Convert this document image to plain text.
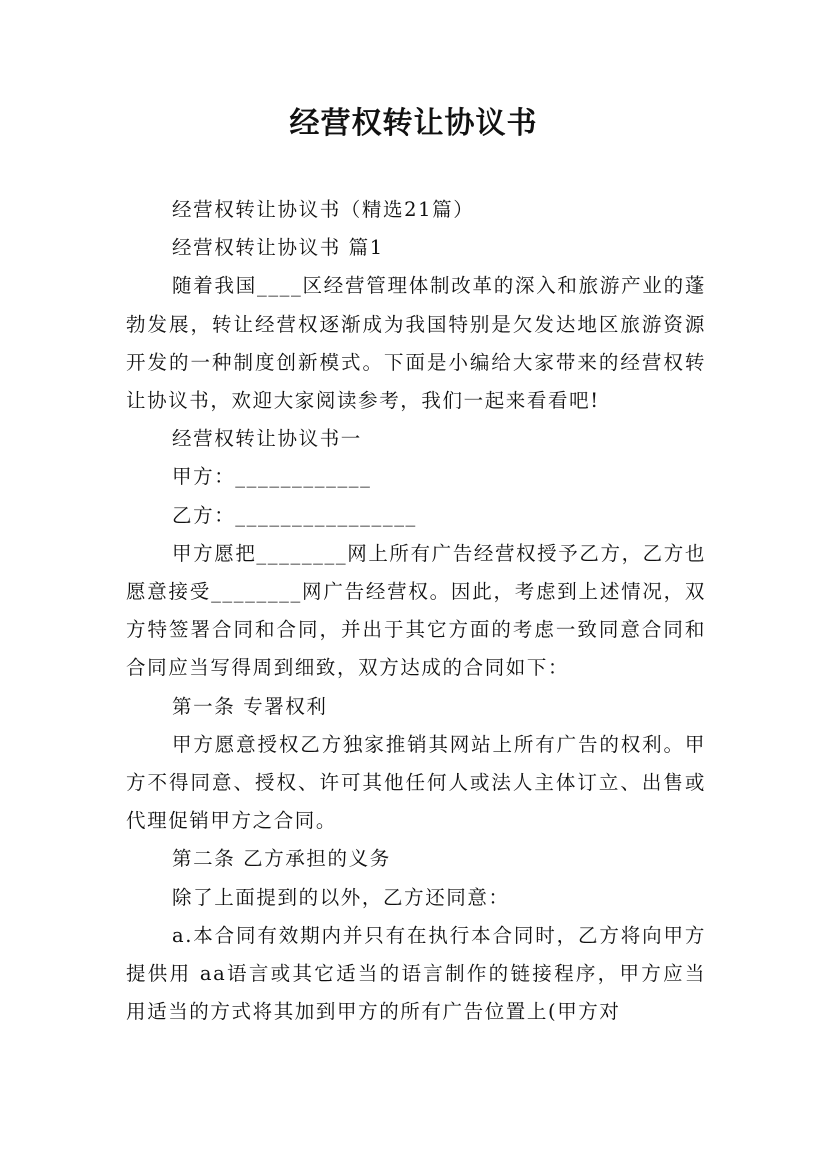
经营权转让协议书

经营权转让协议书（精选21篇）

经营权转让协议书 篇1

随着我国____区经营管理体制改革的深入和旅游产业的蓬勃发展，转让经营权逐渐成为我国特别是欠发达地区旅游资源开发的一种制度创新模式。下面是小编给大家带来的经营权转让协议书，欢迎大家阅读参考，我们一起来看看吧!

经营权转让协议书一

甲方：____________

乙方：________________

甲方愿把________网上所有广告经营权授予乙方，乙方也愿意接受________网广告经营权。因此，考虑到上述情况，双方特签署合同和合同，并出于其它方面的考虑一致同意合同和合同应当写得周到细致，双方达成的合同如下：

第一条 专署权利

甲方愿意授权乙方独家推销其网站上所有广告的权利。甲方不得同意、授权、许可其他任何人或法人主体订立、出售或代理促销甲方之合同。

第二条 乙方承担的义务

除了上面提到的以外，乙方还同意：

a.本合同有效期内并只有在执行本合同时，乙方将向甲方提供用 aa语言或其它适当的语言制作的链接程序，甲方应当用适当的方式将其加到甲方的所有广告位置上(甲方对
